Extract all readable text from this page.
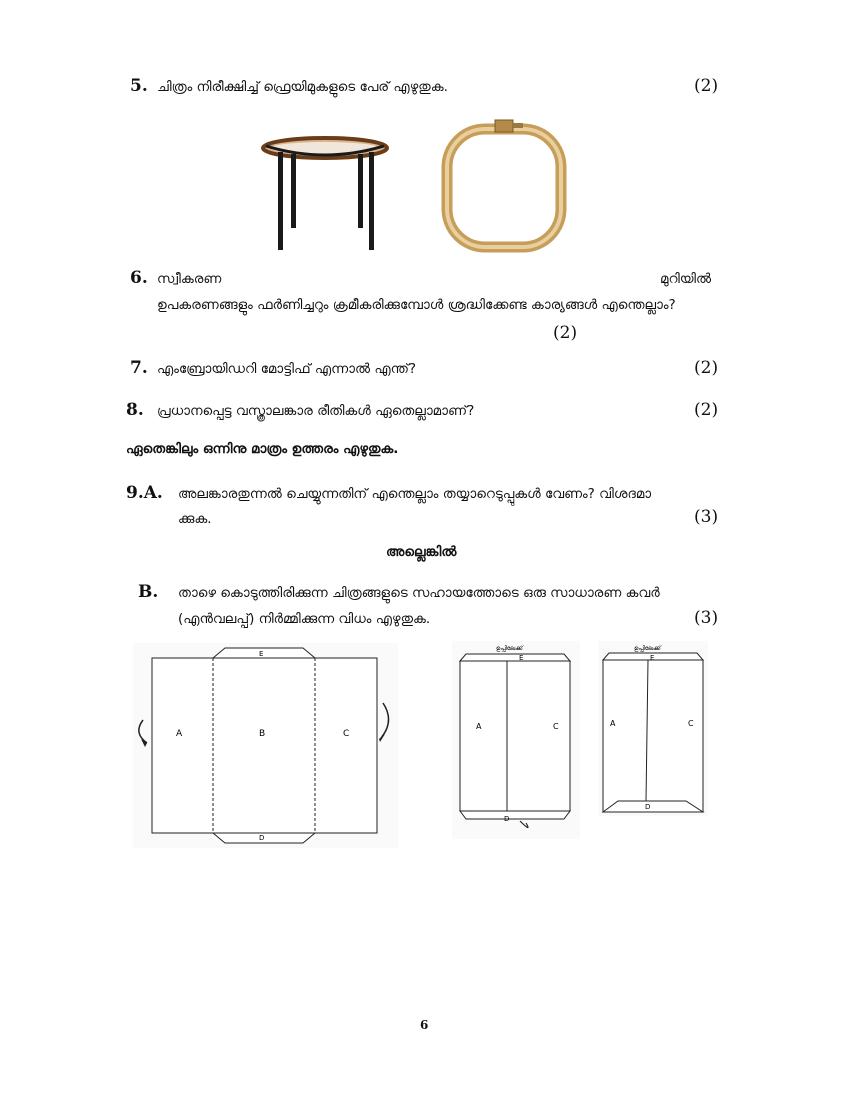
5. ചിത്രം നിരീക്ഷിച്ച് ഫ്രെയിമുകളുടെ പേര് എഴുതുക.	(2)
6. സ്വീകരണ	മുറിയിൽ
ഉപകരണങ്ങളും ഫർണിച്ചറും ക്രമീകരിക്കുമ്പോൾ ശ്രദ്ധിക്കേണ്ട കാര്യങ്ങൾ എന്തെല്ലാം?
(2)
7. എംബ്രോയിഡറി മോട്ടിഫ് എന്നാൽ എന്ത്?	(2)
8. പ്രധാനപ്പെട്ട വസ്ത്രാലങ്കാര രീതികൾ ഏതെല്ലാമാണ്?	(2)
ഏതെങ്കിലും ഒന്നിനു മാത്രം ഉത്തരം എഴുതുക.
9.A. അലങ്കാരതുന്നൽ ചെയ്യുന്നതിന് എന്തെല്ലാം തയ്യാറെടുപ്പുകൾ വേണം? വിശദമാ
ക്കുക.	(3)
അല്ലെങ്കിൽ
B. താഴെ കൊടുത്തിരിക്കുന്ന ചിത്രങ്ങളുടെ സഹായത്തോടെ ഒരു സാധാരണ കവർ
(എൻവലപ്പ്) നിർമ്മിക്കുന്ന വിധം എഴുതുക.	(3)
A	B	C
E
D
ഉപ്പിലേക്ക്
E
A	C
D
ഉപ്പിലേക്ക്
E
A	C
D
6
